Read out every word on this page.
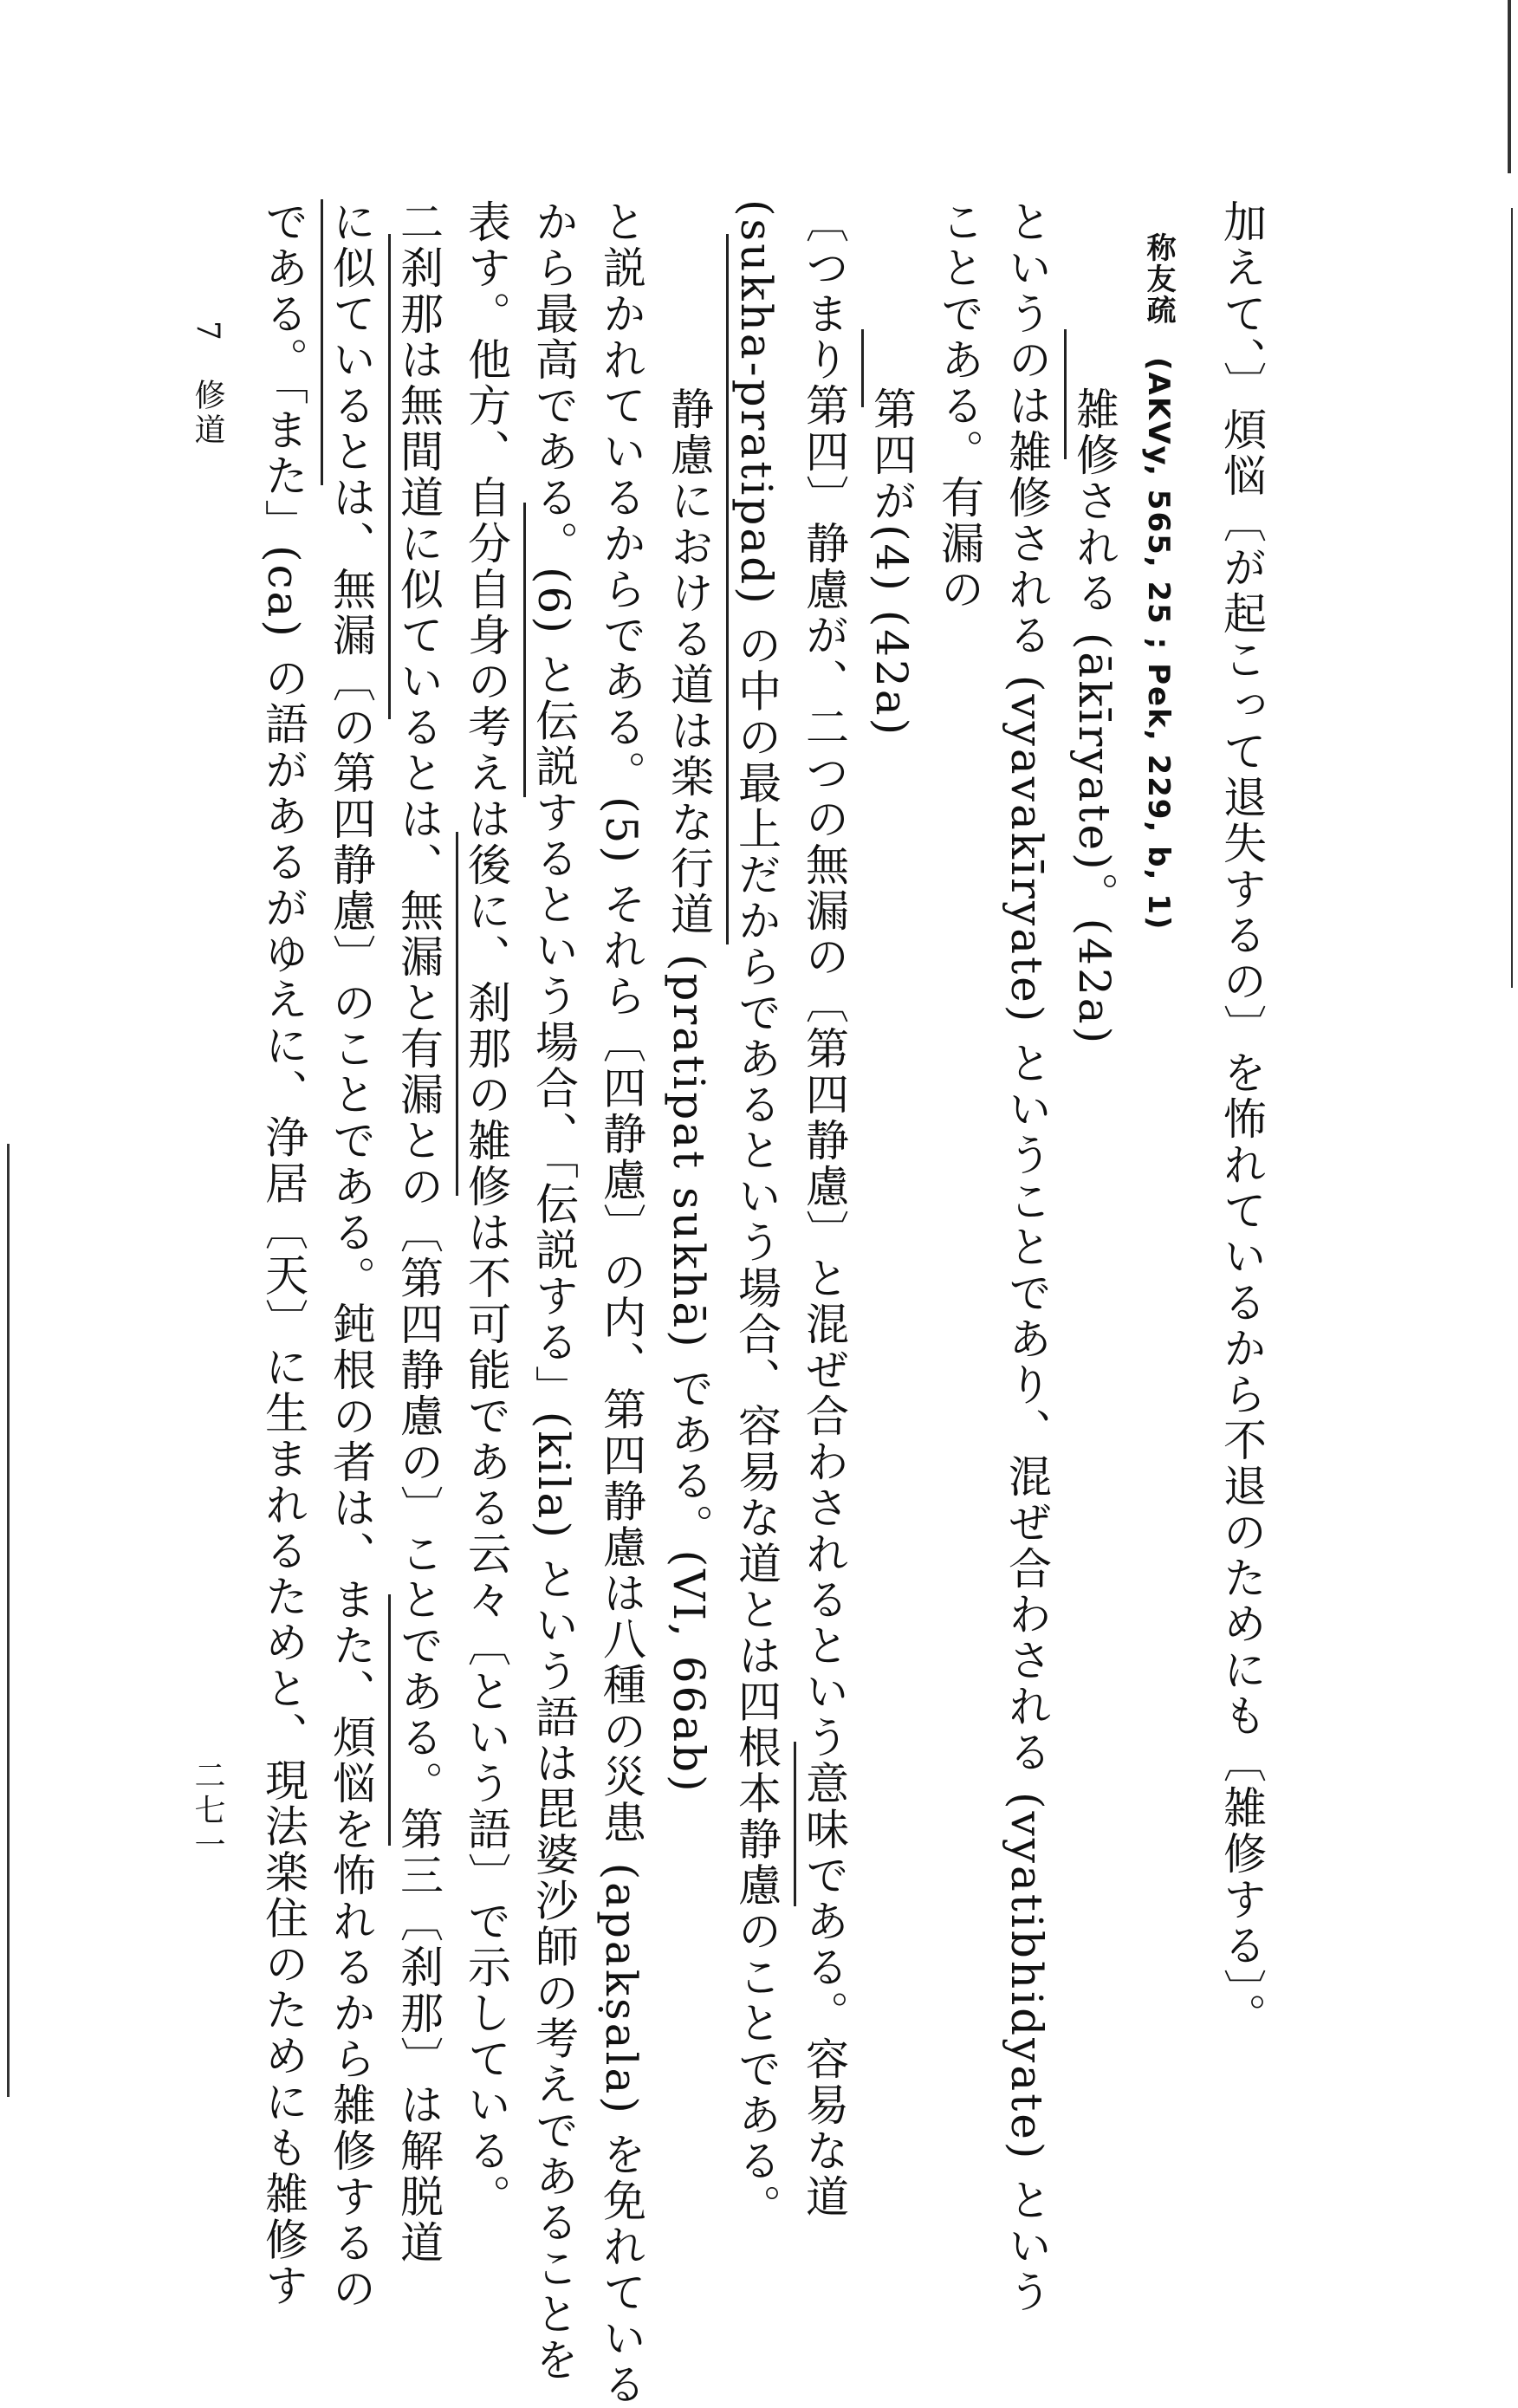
加えて、〕煩悩〔が起こって退失するの〕を怖れているから不退のためにも〔雑修する〕。
称友疏　(AKVy, 565, 25 ; Pek, 229, b, 1)
　　雑修される (ākīryate)。(42a)
というのは雑修される (vyavakīryate) ということであり、混ぜ合わされる (vyatibhidyate) という
ことである。有漏の
　　第四が(4) (42a)
〔つまり第四〕静慮が、二つの無漏の〔第四静慮〕と混ぜ合わされるという意味である。容易な道
(sukha-pratipad) の中の最上だからであるという場合、容易な道とは四根本静慮のことである。
　　静慮における道は楽な行道 (pratipat sukhā) である。(VI, 66ab)
と説かれているからである。(5) それら〔四静慮〕の内、第四静慮は八種の災患 (apakṣala) を免れている
から最高である。(6) と伝説するという場合、「伝説する」(kila) という語は毘婆沙師の考えであることを
表す。他方、自分自身の考えは後に、刹那の雑修は不可能である云々〔という語〕で示している。
二刹那は無間道に似ているとは、無漏と有漏との〔第四静慮の〕ことである。第三〔刹那〕は解脱道
に似ているとは、無漏〔の第四静慮〕のことである。鈍根の者は、また、煩悩を怖れるから雑修するの
である。「また」(ca) の語があるがゆえに、浄居〔天〕に生まれるためと、現法楽住のためにも雑修す
7　修道
二七一
